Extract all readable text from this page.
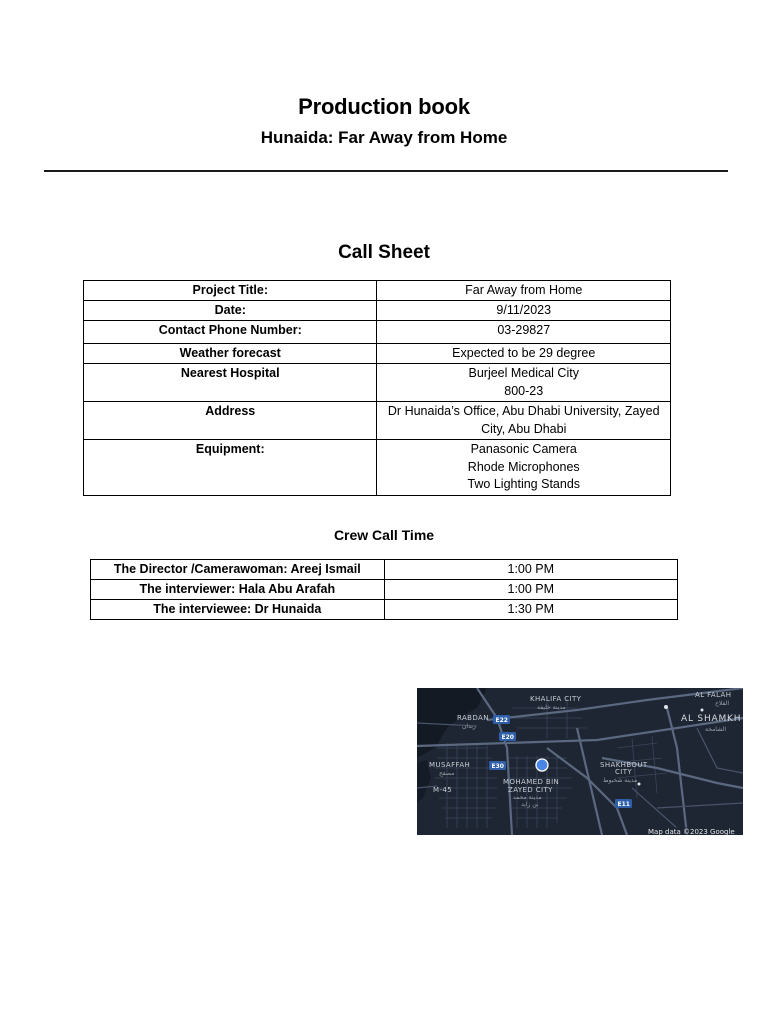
Production book
Hunaida: Far Away from Home
Call Sheet
Project Title:	Far Away from Home
Date:	9/11/2023
Contact Phone Number:	03-29827
Weather forecast	Expected to be 29 degree
Nearest Hospital	Burjeel Medical City
800-23

Address	Dr Hunaida’s Office, Abu Dhabi University, Zayed
City, Abu Dhabi

Equipment:	Panasonic Camera
Rhode Microphones
Two Lighting Stands
Crew Call Time
The Director /Camerawoman: Areej Ismail	1:00 PM
The interviewer: Hala Abu Arafah	1:00 PM
The interviewee: Dr Hunaida	1:30 PM
KHALIFA CITY
مدينة خليفة
AL FALAH
الفلاح
AL SHAMKH
الشامخة
RABDAN
ربدان
MUSAFFAH
مصفح
M-45
SHAKHBOUT
CITY
مدينة شخبوط
MOHAMED BIN
ZAYED CITY
مدينة محمد
بن زايد
E22
E20
E30
E11
Map data ©2023 Google
